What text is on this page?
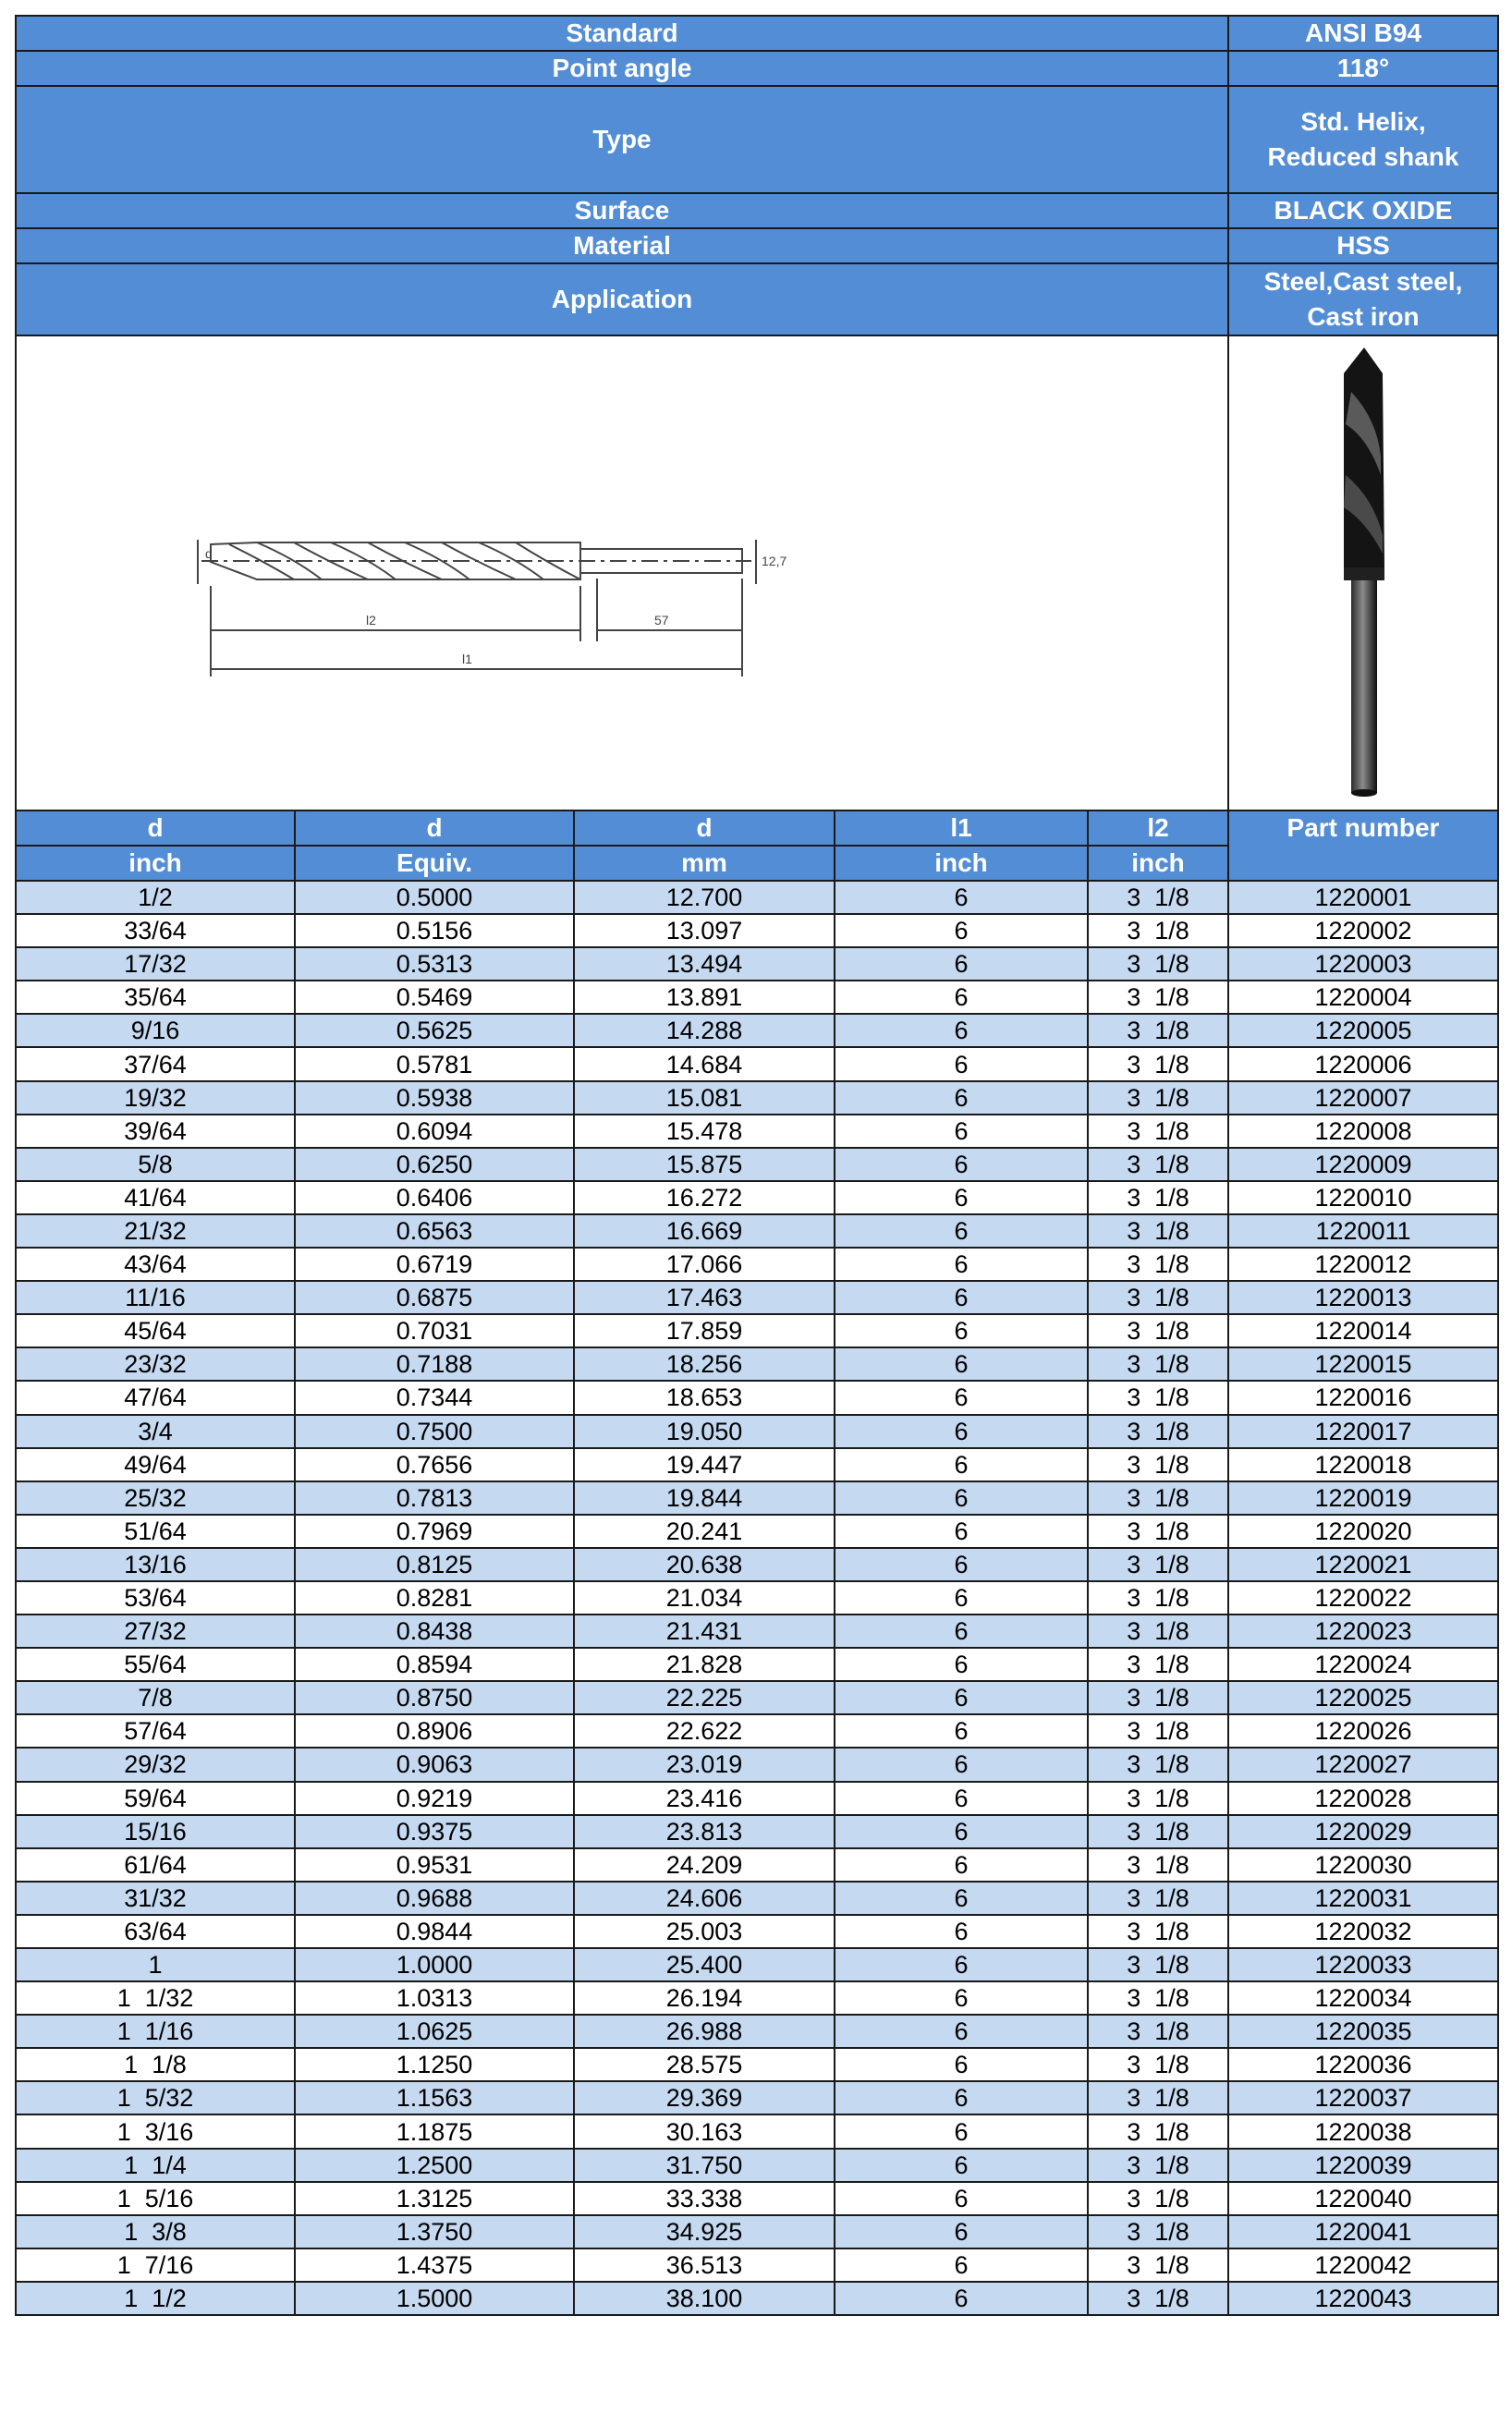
Standard					ANSI B94
Point angle					118°
Type					Std. Helix,
Reduced shank

Surface					BLACK OXIDE
Material					HSS
Application					Steel,Cast steel,
Cast iron

d 12,7
l2 57
l1

d	d	d	l1	l2	Part number
inch	Equiv.	mm	inch	inch	
1/2	0.5000	12.700	6	3  1/8	1220001
33/64	0.5156	13.097	6	3  1/8	1220002
17/32	0.5313	13.494	6	3  1/8	1220003
35/64	0.5469	13.891	6	3  1/8	1220004
9/16	0.5625	14.288	6	3  1/8	1220005
37/64	0.5781	14.684	6	3  1/8	1220006
19/32	0.5938	15.081	6	3  1/8	1220007
39/64	0.6094	15.478	6	3  1/8	1220008
5/8	0.6250	15.875	6	3  1/8	1220009
41/64	0.6406	16.272	6	3  1/8	1220010
21/32	0.6563	16.669	6	3  1/8	1220011
43/64	0.6719	17.066	6	3  1/8	1220012
11/16	0.6875	17.463	6	3  1/8	1220013
45/64	0.7031	17.859	6	3  1/8	1220014
23/32	0.7188	18.256	6	3  1/8	1220015
47/64	0.7344	18.653	6	3  1/8	1220016
3/4	0.7500	19.050	6	3  1/8	1220017
49/64	0.7656	19.447	6	3  1/8	1220018
25/32	0.7813	19.844	6	3  1/8	1220019
51/64	0.7969	20.241	6	3  1/8	1220020
13/16	0.8125	20.638	6	3  1/8	1220021
53/64	0.8281	21.034	6	3  1/8	1220022
27/32	0.8438	21.431	6	3  1/8	1220023
55/64	0.8594	21.828	6	3  1/8	1220024
7/8	0.8750	22.225	6	3  1/8	1220025
57/64	0.8906	22.622	6	3  1/8	1220026
29/32	0.9063	23.019	6	3  1/8	1220027
59/64	0.9219	23.416	6	3  1/8	1220028
15/16	0.9375	23.813	6	3  1/8	1220029
61/64	0.9531	24.209	6	3  1/8	1220030
31/32	0.9688	24.606	6	3  1/8	1220031
63/64	0.9844	25.003	6	3  1/8	1220032
1	1.0000	25.400	6	3  1/8	1220033
1  1/32	1.0313	26.194	6	3  1/8	1220034
1  1/16	1.0625	26.988	6	3  1/8	1220035
1  1/8	1.1250	28.575	6	3  1/8	1220036
1  5/32	1.1563	29.369	6	3  1/8	1220037
1  3/16	1.1875	30.163	6	3  1/8	1220038
1  1/4	1.2500	31.750	6	3  1/8	1220039
1  5/16	1.3125	33.338	6	3  1/8	1220040
1  3/8	1.3750	34.925	6	3  1/8	1220041
1  7/16	1.4375	36.513	6	3  1/8	1220042
1  1/2	1.5000	38.100	6	3  1/8	1220043
